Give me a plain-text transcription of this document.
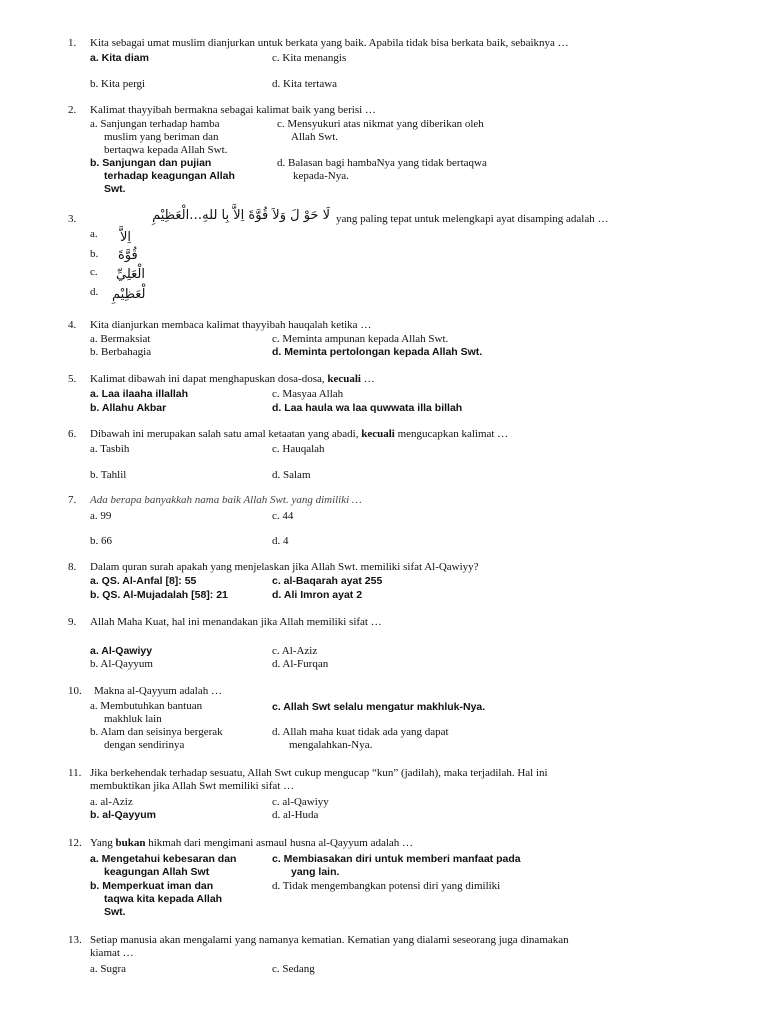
1. Kita sebagai umat muslim dianjurkan untuk berkata yang baik. Apabila tidak bisa berkata baik, sebaiknya …
a. Kita diam	c. Kita menangis
b. Kita pergi	d. Kita tertawa
2. Kalimat thayyibah bermakna sebagai kalimat baik yang berisi …
a. Sanjungan terhadap hamba
muslim yang beriman dan
bertaqwa kepada Allah Swt.
c. Mensyukuri atas nikmat yang diberikan oleh
Allah Swt.
b. Sanjungan dan pujian
terhadap keagungan Allah
Swt.
d. Balasan bagi hambaNya yang tidak bertaqwa
kepada-Nya.
3.	لَا حَوْ لَ وَلاَ قُوَّةَ اِلاَّ بِا للهِ…الْعَظِيْمِ yang paling tepat untuk melengkapi ayat disamping adalah …
a. اِلاَّ
b. قُوَّةَ
c. الْعَلِيِّ
d. لْعَظِيْمِ
4. Kita dianjurkan membaca kalimat thayyibah hauqalah ketika …
a. Bermaksiat	c. Meminta ampunan kepada Allah Swt.
b. Berbahagia	d. Meminta pertolongan kepada Allah Swt.
5. Kalimat dibawah ini dapat menghapuskan dosa-dosa, kecuali …
a. Laa ilaaha illallah	c. Masyaa Allah
b. Allahu Akbar	d. Laa haula wa laa quwwata illa billah
6. Dibawah ini merupakan salah satu amal ketaatan yang abadi, kecuali mengucapkan kalimat …
a. Tasbih	c. Hauqalah
b. Tahlil	d. Salam
7. Ada berapa banyakkah nama baik Allah Swt. yang dimiliki …
a. 99	c. 44
b. 66	d. 4
8. Dalam quran surah apakah yang menjelaskan jika Allah Swt. memiliki sifat Al-Qawiyy?
a. QS. Al-Anfal [8]: 55	c. al-Baqarah ayat 255
b. QS. Al-Mujadalah [58]: 21	d. Ali Imron ayat 2
9. Allah Maha Kuat, hal ini menandakan jika Allah memiliki sifat …
a. Al-Qawiyy	c. Al-Aziz
b. Al-Qayyum	d. Al-Furqan
10. Makna al-Qayyum adalah …
a. Membutuhkan bantuan
makhluk lain
c. Allah Swt selalu mengatur makhluk-Nya.
b. Alam dan seisinya bergerak
dengan sendirinya
d. Allah maha kuat tidak ada yang dapat
mengalahkan-Nya.
11. Jika berkehendak terhadap sesuatu, Allah Swt cukup mengucap “kun” (jadilah), maka terjadilah. Hal ini
membuktikan jika Allah Swt memiliki sifat …
a. al-Aziz	c. al-Qawiyy
b. al-Qayyum	d. al-Huda
12. Yang bukan hikmah dari mengimani asmaul husna al-Qayyum adalah …
a. Mengetahui kebesaran dan
keagungan Allah Swt
c. Membiasakan diri untuk memberi manfaat pada
yang lain.
b. Memperkuat iman dan
taqwa kita kepada Allah
Swt.
d. Tidak mengembangkan potensi diri yang dimiliki
13. Setiap manusia akan mengalami yang namanya kematian. Kematian yang dialami seseorang juga dinamakan
kiamat …
a. Sugra	c. Sedang
